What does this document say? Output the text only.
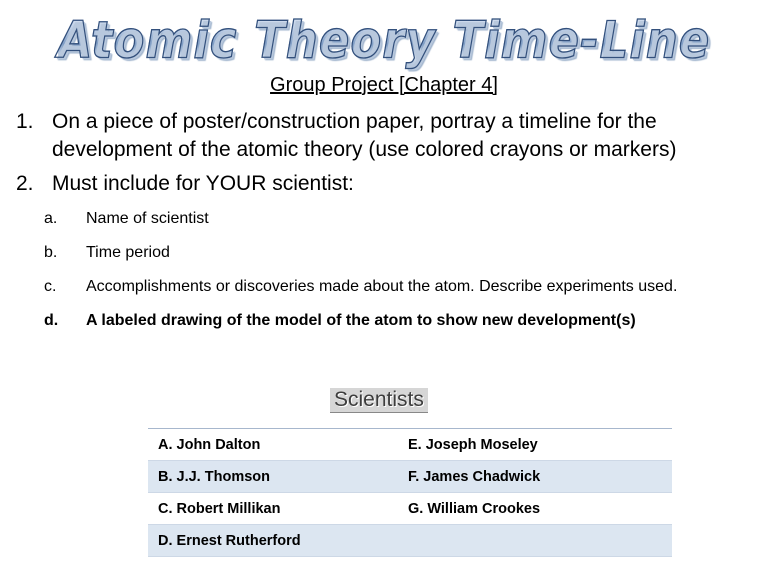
Atomic Theory Time-Line
Group Project [Chapter 4]
1. On a piece of poster/construction paper, portray a timeline for the development of the atomic theory (use colored crayons or markers)
2. Must include for YOUR scientist:
a.	Name of scientist
b.	Time period
c.	Accomplishments or discoveries made about the atom. Describe experiments used.
d.	A labeled drawing of the model of the atom to show new development(s)
Scientists
A. John Dalton	E. Joseph Moseley
B. J.J. Thomson	F. James Chadwick
C. Robert Millikan	G. William Crookes
D. Ernest Rutherford
